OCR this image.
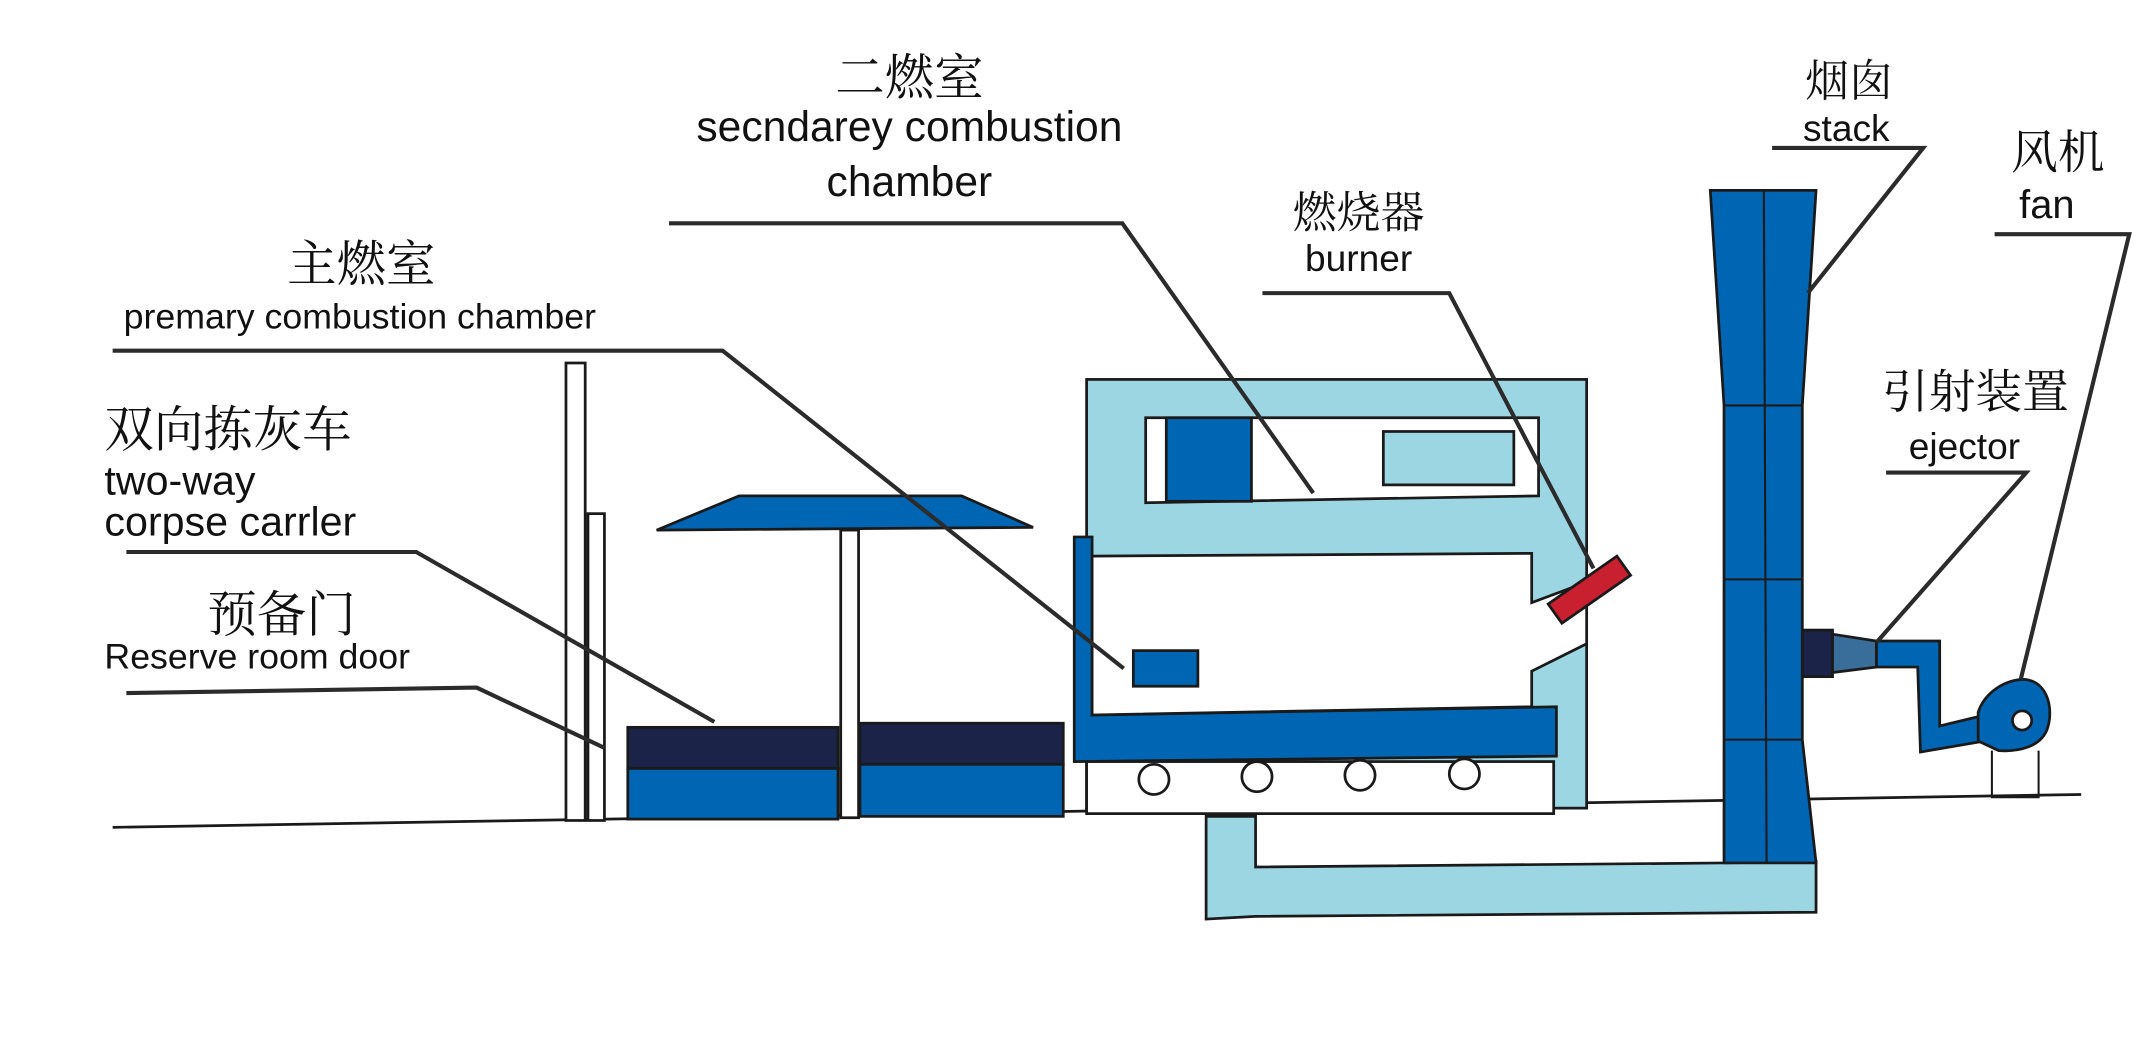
二燃室
secndarey combustion
chamber
主燃室
premary combustion chamber
双向拣灰车
two-way
corpse carrler
预备门
Reserve room door
燃烧器
burner
烟囱
stack	风机
fan
引射装置
ejector
